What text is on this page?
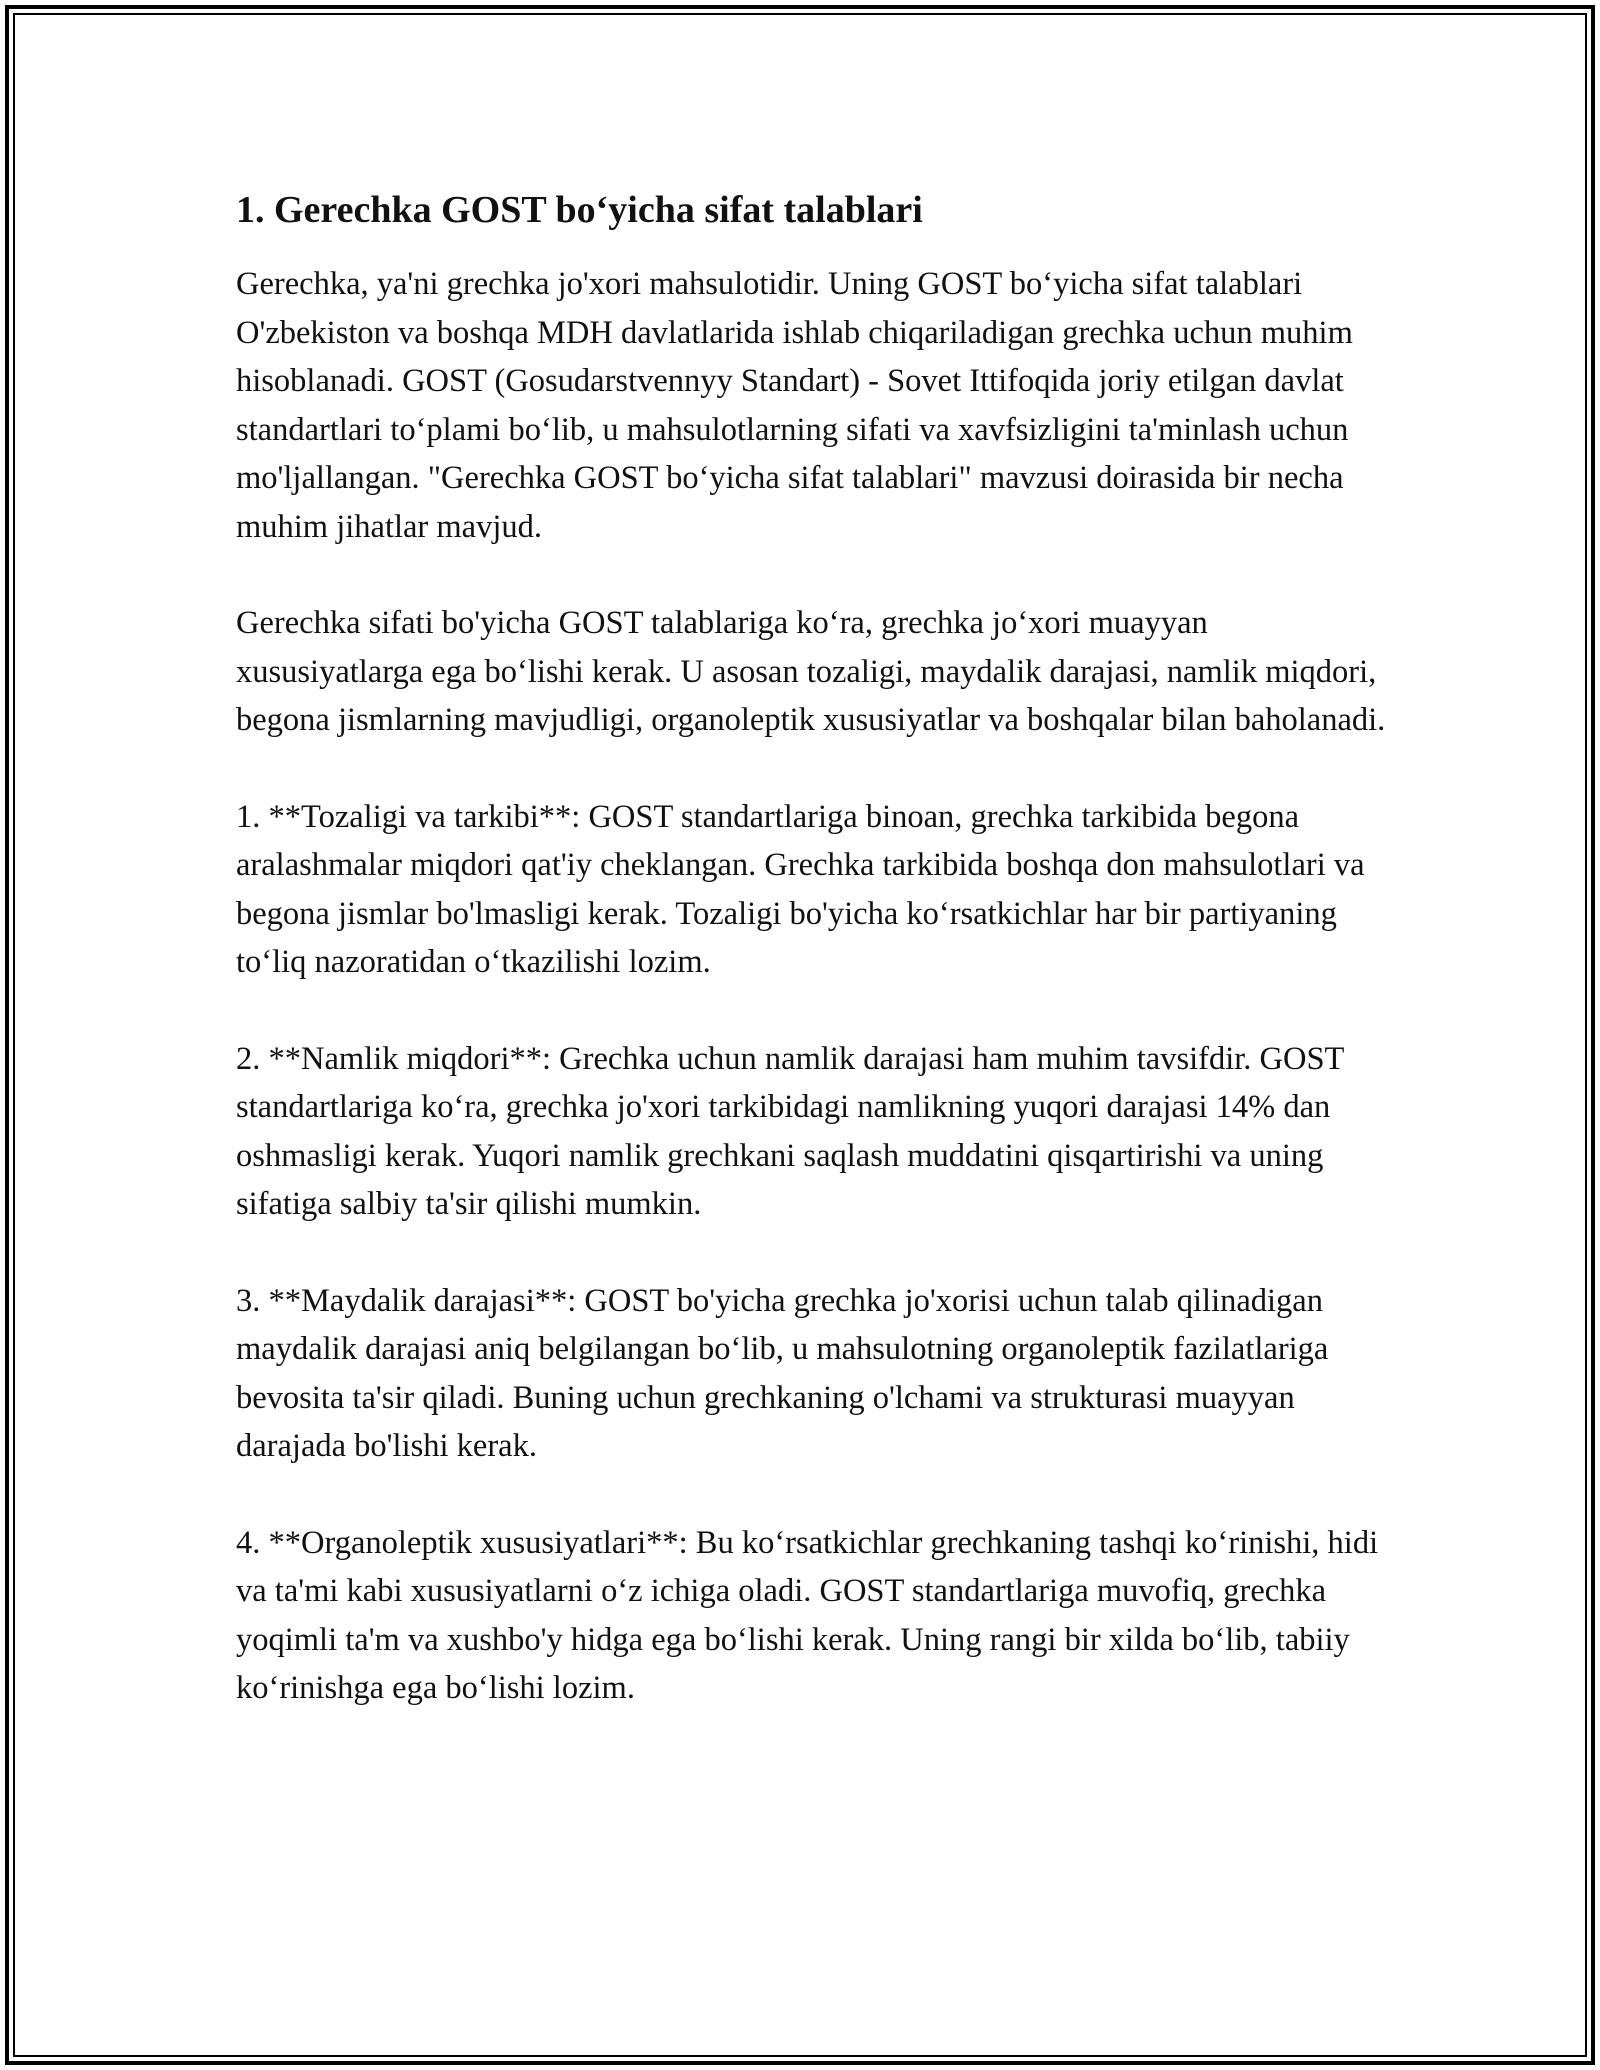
1. Gerechka GOST bo‘yicha sifat talablari

Gerechka, ya'ni grechka jo'xori mahsulotidir. Uning GOST bo‘yicha sifat talablari O'zbekiston va boshqa MDH davlatlarida ishlab chiqariladigan grechka uchun muhim hisoblanadi. GOST (Gosudarstvennyy Standart) - Sovet Ittifoqida joriy etilgan davlat standartlari to‘plami bo‘lib, u mahsulotlarning sifati va xavfsizligini ta'minlash uchun mo'ljallangan. "Gerechka GOST bo‘yicha sifat talablari" mavzusi doirasida bir necha muhim jihatlar mavjud.

Gerechka sifati bo'yicha GOST talablariga ko‘ra, grechka jo‘xori muayyan xususiyatlarga ega bo‘lishi kerak. U asosan tozaligi, maydalik darajasi, namlik miqdori, begona jismlarning mavjudligi, organoleptik xususiyatlar va boshqalar bilan baholanadi.

1. **Tozaligi va tarkibi**: GOST standartlariga binoan, grechka tarkibida begona aralashmalar miqdori qat'iy cheklangan. Grechka tarkibida boshqa don mahsulotlari va begona jismlar bo'lmasligi kerak. Tozaligi bo'yicha ko‘rsatkichlar har bir partiyaning to‘liq nazoratidan o‘tkazilishi lozim.

2. **Namlik miqdori**: Grechka uchun namlik darajasi ham muhim tavsifdir. GOST standartlariga ko‘ra, grechka jo'xori tarkibidagi namlikning yuqori darajasi 14% dan oshmasligi kerak. Yuqori namlik grechkani saqlash muddatini qisqartirishi va uning sifatiga salbiy ta'sir qilishi mumkin.

3. **Maydalik darajasi**: GOST bo'yicha grechka jo'xorisi uchun talab qilinadigan maydalik darajasi aniq belgilangan bo‘lib, u mahsulotning organoleptik fazilatlariga bevosita ta'sir qiladi. Buning uchun grechkaning o'lchami va strukturasi muayyan darajada bo'lishi kerak.

4. **Organoleptik xususiyatlari**: Bu ko‘rsatkichlar grechkaning tashqi ko‘rinishi, hidi va ta'mi kabi xususiyatlarni o‘z ichiga oladi. GOST standartlariga muvofiq, grechka yoqimli ta'm va xushbo'y hidga ega bo‘lishi kerak. Uning rangi bir xilda bo‘lib, tabiiy ko‘rinishga ega bo‘lishi lozim.
